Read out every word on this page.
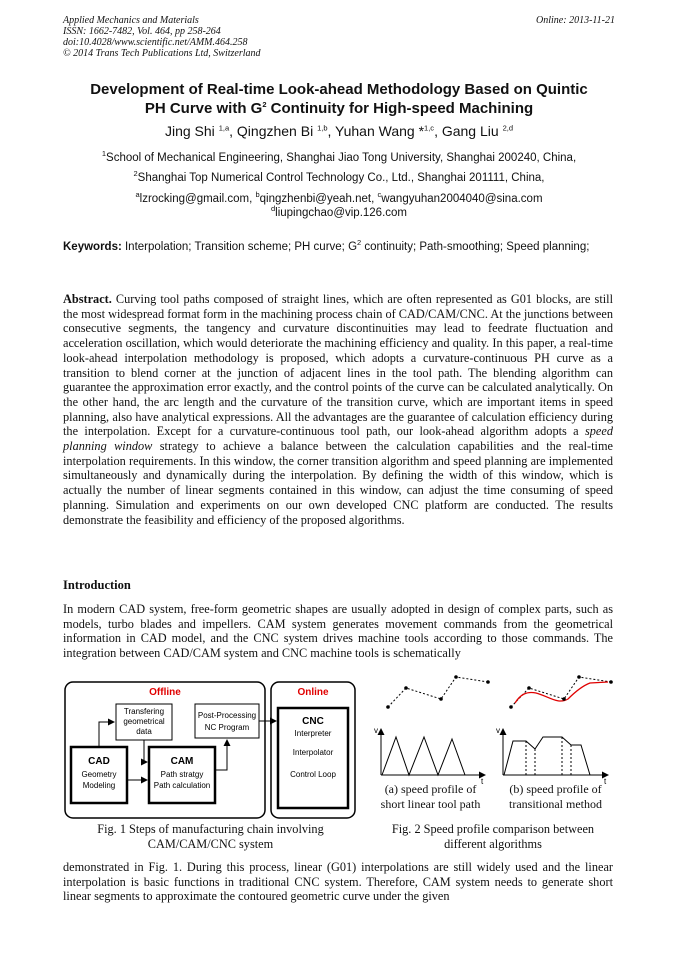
Applied Mechanics and Materials
ISSN: 1662-7482, Vol. 464, pp 258-264
doi:10.4028/www.scientific.net/AMM.464.258
© 2014 Trans Tech Publications Ltd, Switzerland
Online: 2013-11-21
Development of Real-time Look-ahead Methodology Based on Quintic
PH Curve with $G^2$ Continuity for High-speed Machining
Jing Shi $^{1,a}$, Qingzhen Bi $^{1,b}$, Yuhan Wang *$^{1,c}$, Gang Liu $^{2,d}$
$^1$School of Mechanical Engineering, Shanghai Jiao Tong University, Shanghai 200240, China,
$^2$Shanghai Top Numerical Control Technology Co., Ltd., Shanghai 201111, China,
$^a$lzrocking@gmail.com, $^b$qingzhenbi@yeah.net, $^c$wangyuhan2004040@sina.com
$^d$liupingchao@vip.126.com
Keywords: Interpolation; Transition scheme; PH curve; $G^2$ continuity; Path-smoothing; Speed planning;
Abstract. Curving tool paths composed of straight lines, which are often represented as G01 blocks, are still the most widespread format form in the machining process chain of CAD/CAM/CNC. At the junctions between consecutive segments, the tangency and curvature discontinuities may lead to feedrate fluctuation and acceleration oscillation, which would deteriorate the machining efficiency and quality. In this paper, a real-time look-ahead interpolation methodology is proposed, which adopts a curvature-continuous PH curve as a transition to blend corner at the junction of adjacent lines in the tool path. The blending algorithm can guarantee the approximation error exactly, and the control points of the curve can be calculated analytically. On the other hand, the arc length and the curvature of the transition curve, which are important items in speed planning, also have analytical expressions. All the advantages are the guarantee of calculation efficiency during the interpolation. Except for a curvature-continuous tool path, our look-ahead algorithm adopts a speed planning window strategy to achieve a balance between the calculation capabilities and the real-time interpolation requirements. In this window, the corner transition algorithm and speed planning are implemented simultaneously and dynamically during the interpolation. By defining the width of this window, which is actually the number of linear segments contained in this window, can adjust the time consuming of speed planning. Simulation and experiments on our own developed CNC platform are conducted. The results demonstrate the feasibility and efficiency of the proposed algorithms.
Introduction
In modern CAD system, free-form geometric shapes are usually adopted in design of complex parts, such as models, turbo blades and impellers. CAM system generates movement commands from the geometrical information in CAD model, and the CNC system drives machine tools according to those commands. The integration between CAD/CAM system and CNC machine tools is schematically
Offline	Online
Transfering
geometrical
data
Post-Processing
NC Program
CAD
Geometry
Modeling
CAM
Path stratgy
Path calculation
CNC
Interpreter
Interpolator
Control Loop
Fig. 1 Steps of manufacturing chain involving
CAM/CAM/CNC system
v
t
v
t
(a) speed profile of
short linear tool path
(b) speed profile of
transitional method
Fig. 2 Speed profile comparison between
different algorithms
demonstrated in Fig. 1. During this process, linear (G01) interpolations are still widely used and the linear interpolation is basic functions in traditional CNC system. Therefore, CAM system needs to generate short linear segments to approximate the contoured geometric curve under the given
